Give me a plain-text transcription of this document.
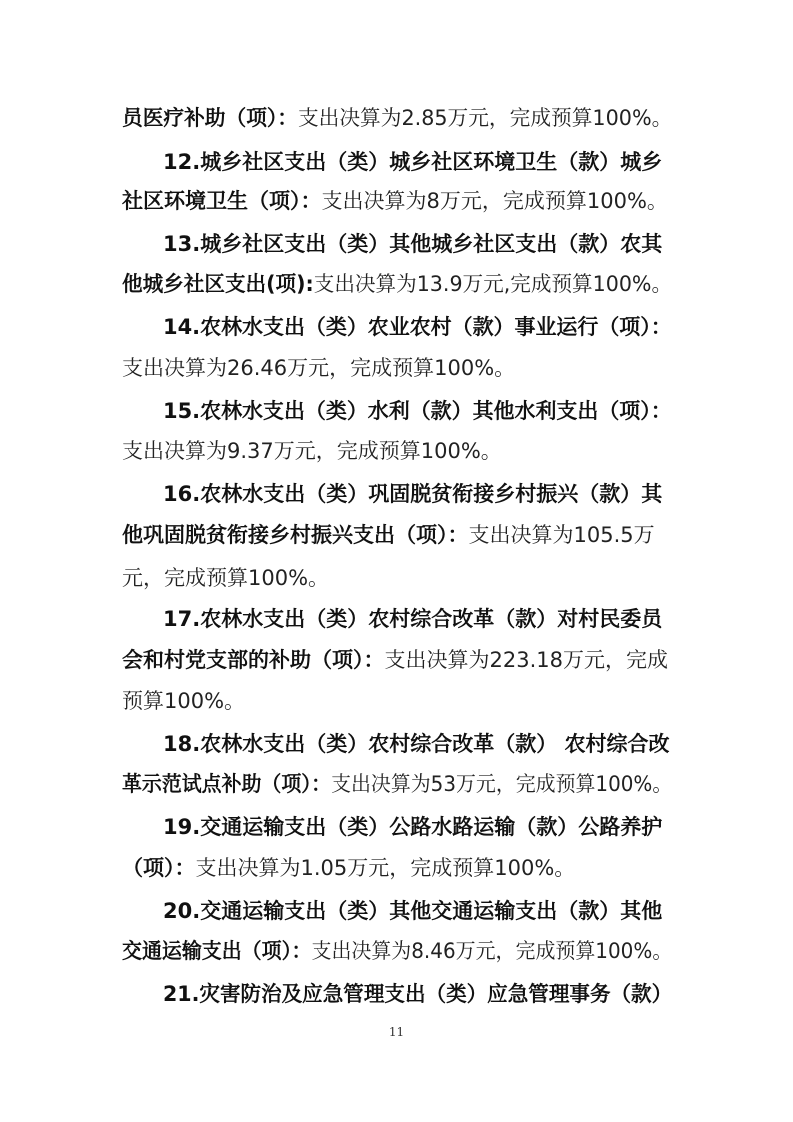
员医疗补助（项）：支出决算为2.85万元，完成预算100%。
12.城乡社区支出（类）城乡社区环境卫生（款）城乡
社区环境卫生（项）：支出决算为8万元，完成预算100%。
13.城乡社区支出（类）其他城乡社区支出（款）农其
他城乡社区支出(项):支出决算为13.9万元,完成预算100%。
14.农林水支出（类）农业农村（款）事业运行（项）：
支出决算为26.46万元，完成预算100%。
15.农林水支出（类）水利（款）其他水利支出（项）：
支出决算为9.37万元，完成预算100%。
16.农林水支出（类）巩固脱贫衔接乡村振兴（款）其
他巩固脱贫衔接乡村振兴支出（项）：支出决算为105.5万
元，完成预算100%。
17.农林水支出（类）农村综合改革（款）对村民委员
会和村党支部的补助（项）：支出决算为223.18万元，完成
预算100%。
18.农林水支出（类）农村综合改革（款） 农村综合改
革示范试点补助（项）：支出决算为53万元，完成预算100%。
19.交通运输支出（类）公路水路运输（款）公路养护
（项）：支出决算为1.05万元，完成预算100%。
20.交通运输支出（类）其他交通运输支出（款）其他
交通运输支出（项）：支出决算为8.46万元，完成预算100%。
21.灾害防治及应急管理支出（类）应急管理事务（款）
11
